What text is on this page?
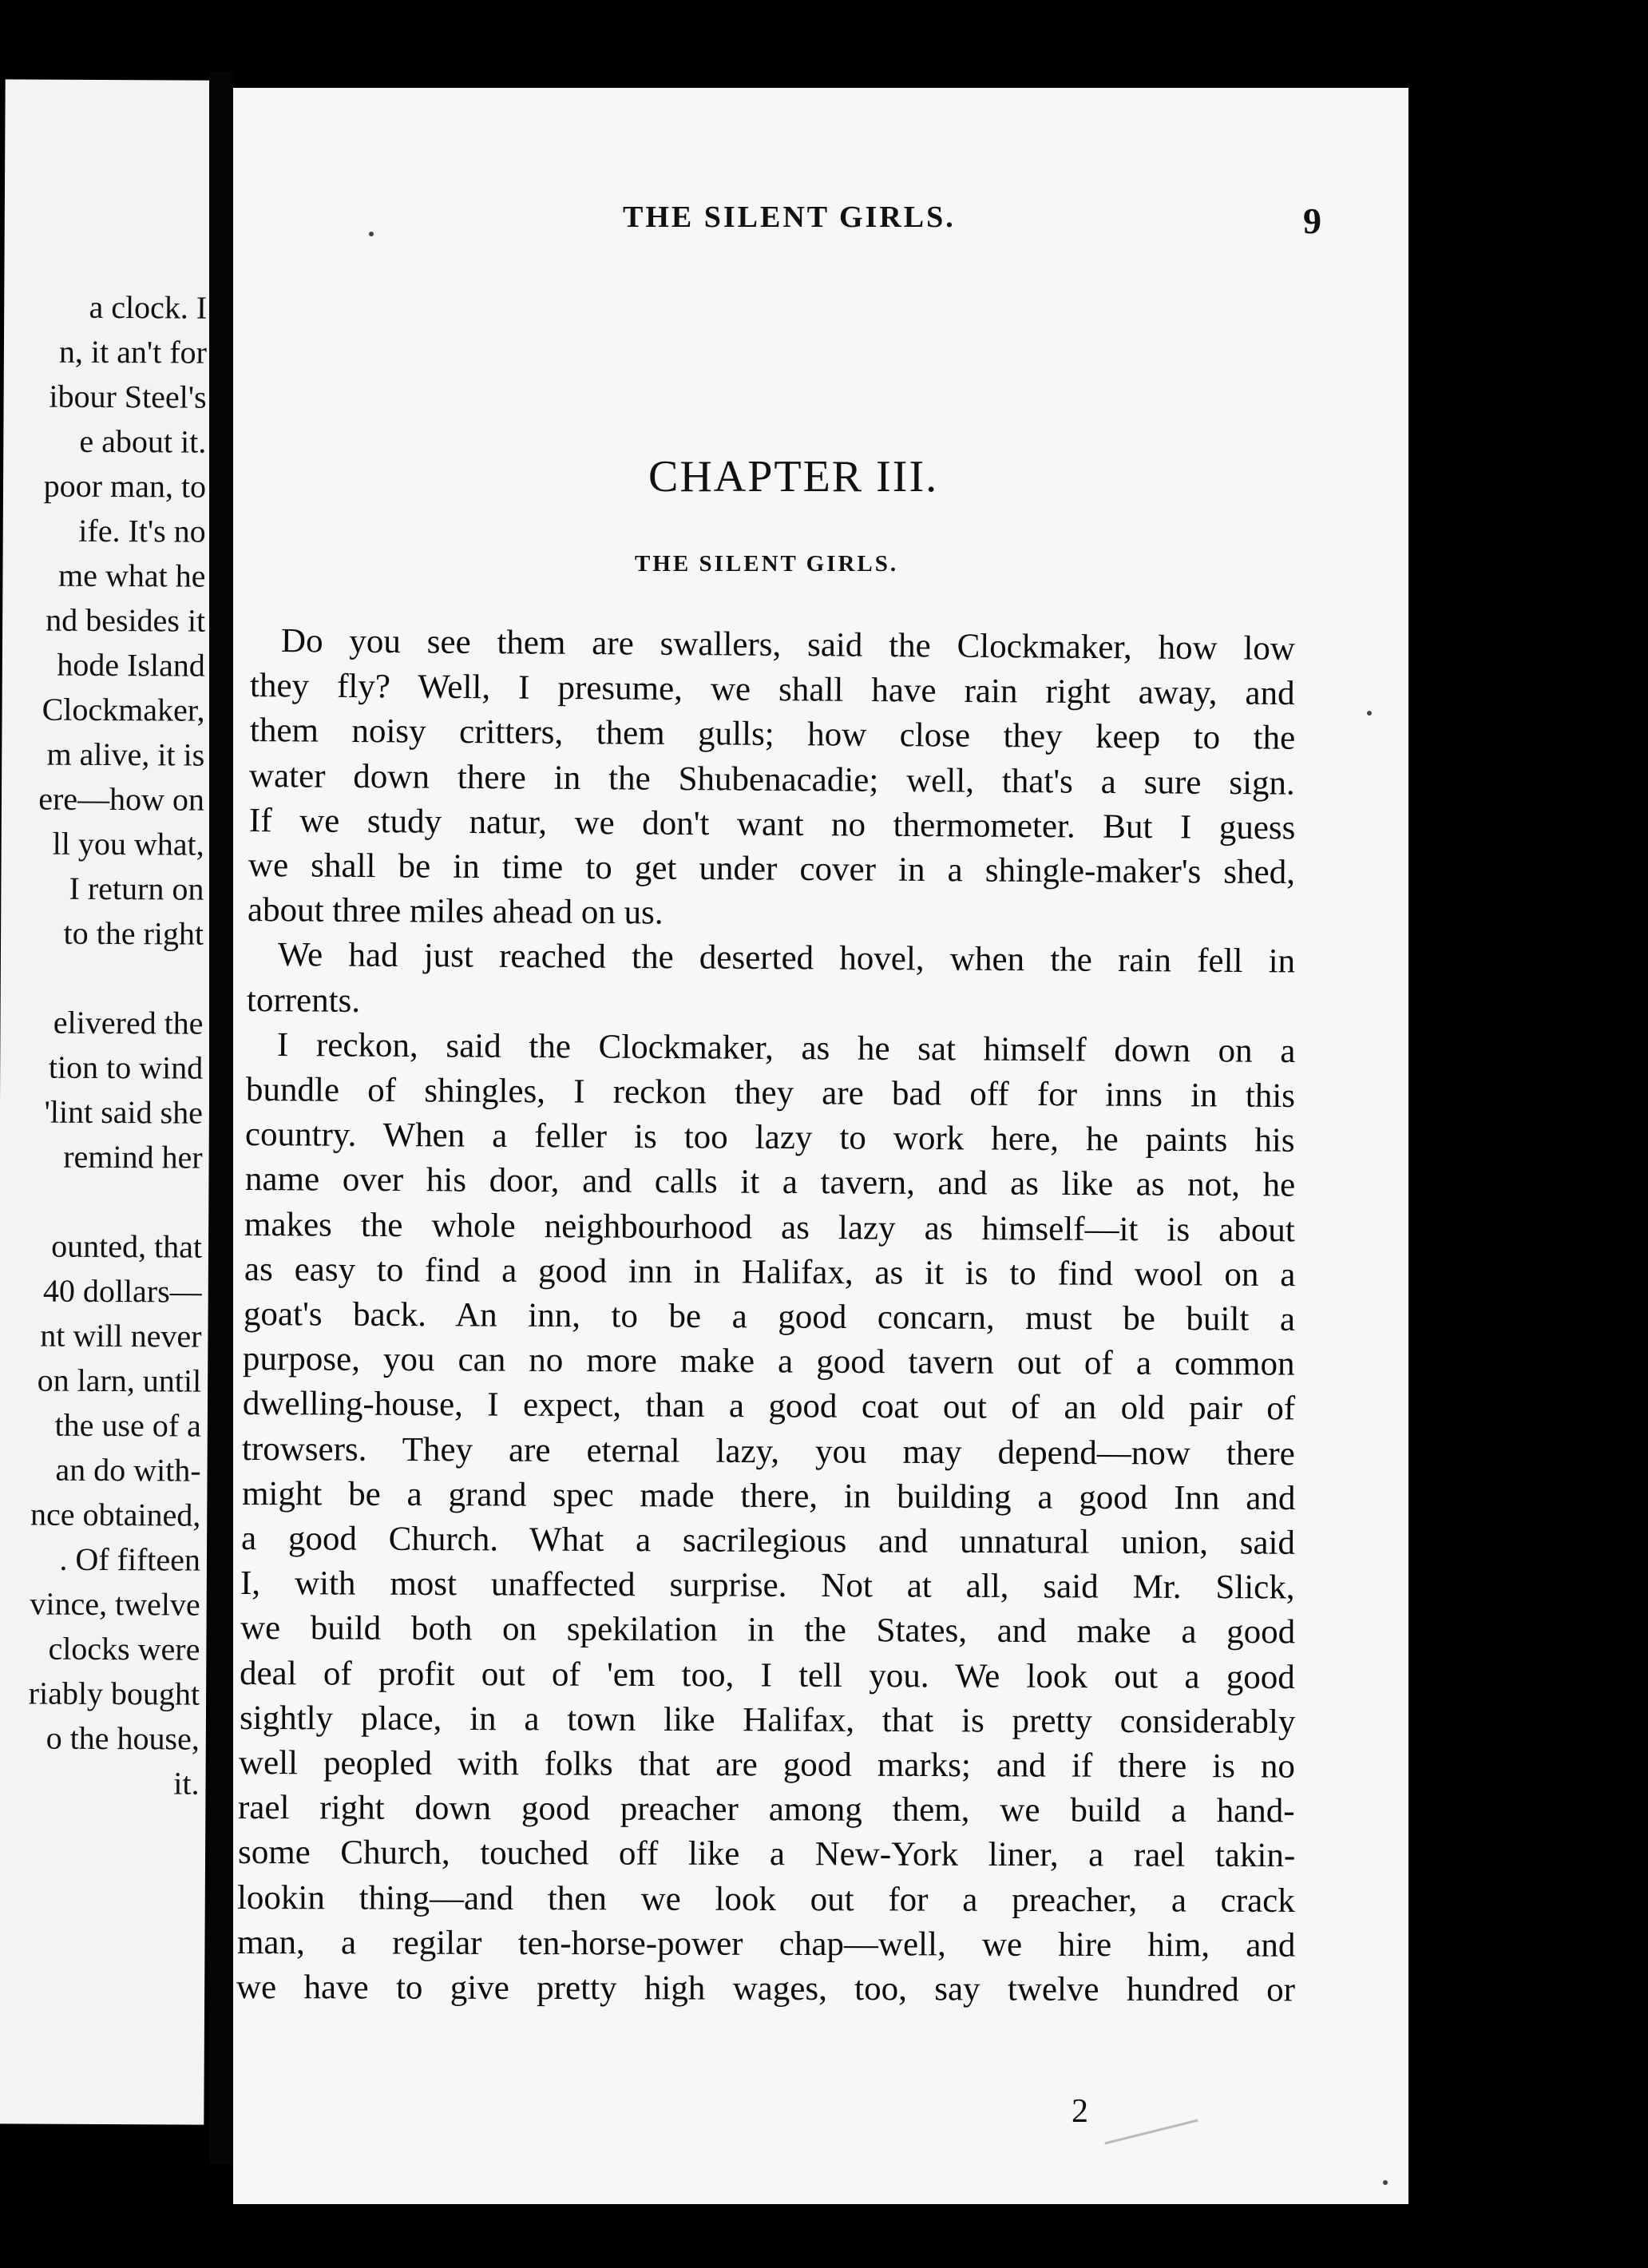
a clock. I
n, it an't for
ibour Steel's
e about it.
poor man, to
ife. It's no
me what he
nd besides it
hode Island
Clockmaker,
m alive, it is
ere—how on
ll you what,
I return on
to the right
elivered the
tion to wind
'lint said she
remind her
ounted, that
40 dollars—
nt will never
on larn, until
the use of a
an do with-
nce obtained,
. Of fifteen
vince, twelve
clocks were
riably bought
o the house,
it.
THE SILENT GIRLS.	9
CHAPTER III.
THE SILENT GIRLS.
2
Do you see them are swallers, said the Clockmaker, how low
they fly? Well, I presume, we shall have rain right away, and
them noisy critters, them gulls; how close they keep to the
water down there in the Shubenacadie; well, that's a sure sign.
If we study natur, we don't want no thermometer. But I guess
we shall be in time to get under cover in a shingle-maker's shed,
about three miles ahead on us.
We had just reached the deserted hovel, when the rain fell in
torrents.
I reckon, said the Clockmaker, as he sat himself down on a
bundle of shingles, I reckon they are bad off for inns in this
country. When a feller is too lazy to work here, he paints his
name over his door, and calls it a tavern, and as like as not, he
makes the whole neighbourhood as lazy as himself—it is about
as easy to find a good inn in Halifax, as it is to find wool on a
goat's back. An inn, to be a good concarn, must be built a
purpose, you can no more make a good tavern out of a common
dwelling-house, I expect, than a good coat out of an old pair of
trowsers. They are eternal lazy, you may depend—now there
might be a grand spec made there, in building a good Inn and
a good Church. What a sacrilegious and unnatural union, said
I, with most unaffected surprise. Not at all, said Mr. Slick,
we build both on spekilation in the States, and make a good
deal of profit out of 'em too, I tell you. We look out a good
sightly place, in a town like Halifax, that is pretty considerably
well peopled with folks that are good marks; and if there is no
rael right down good preacher among them, we build a hand-
some Church, touched off like a New-York liner, a rael takin-
lookin thing—and then we look out for a preacher, a crack
man, a regilar ten-horse-power chap—well, we hire him, and
we have to give pretty high wages, too, say twelve hundred or
